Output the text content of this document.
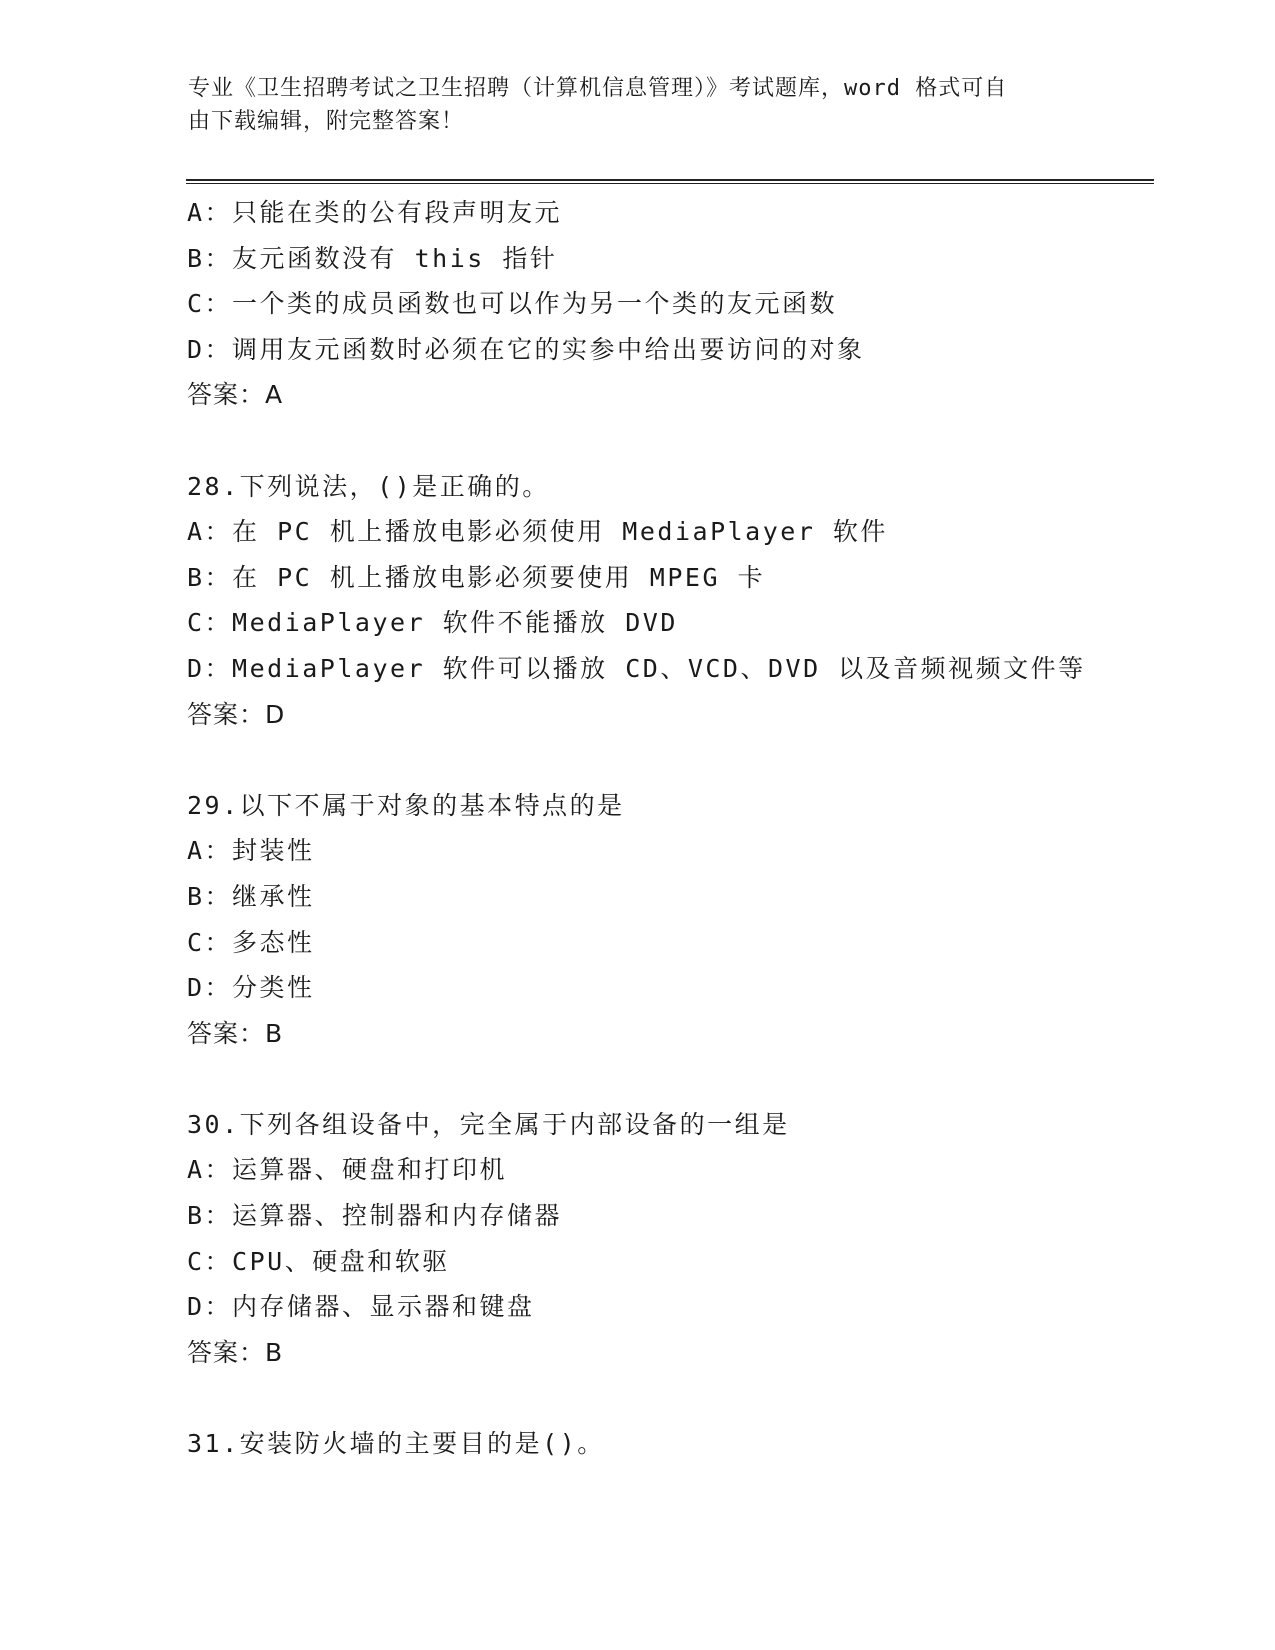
专业《卫生招聘考试之卫生招聘（计算机信息管理）》考试题库，word 格式可自
由下载编辑，附完整答案！
A：只能在类的公有段声明友元
B：友元函数没有 this 指针
C：一个类的成员函数也可以作为另一个类的友元函数
D：调用友元函数时必须在它的实参中给出要访问的对象
答案：A
28.下列说法，()是正确的。
A：在 PC 机上播放电影必须使用 MediaPlayer 软件
B：在 PC 机上播放电影必须要使用 MPEG 卡
C：MediaPlayer 软件不能播放 DVD
D：MediaPlayer 软件可以播放 CD、VCD、DVD 以及音频视频文件等
答案：D
29.以下不属于对象的基本特点的是
A：封装性
B：继承性
C：多态性
D：分类性
答案：B
30.下列各组设备中，完全属于内部设备的一组是
A：运算器、硬盘和打印机
B：运算器、控制器和内存储器
C：CPU、硬盘和软驱
D：内存储器、显示器和键盘
答案：B
31.安装防火墙的主要目的是()。
